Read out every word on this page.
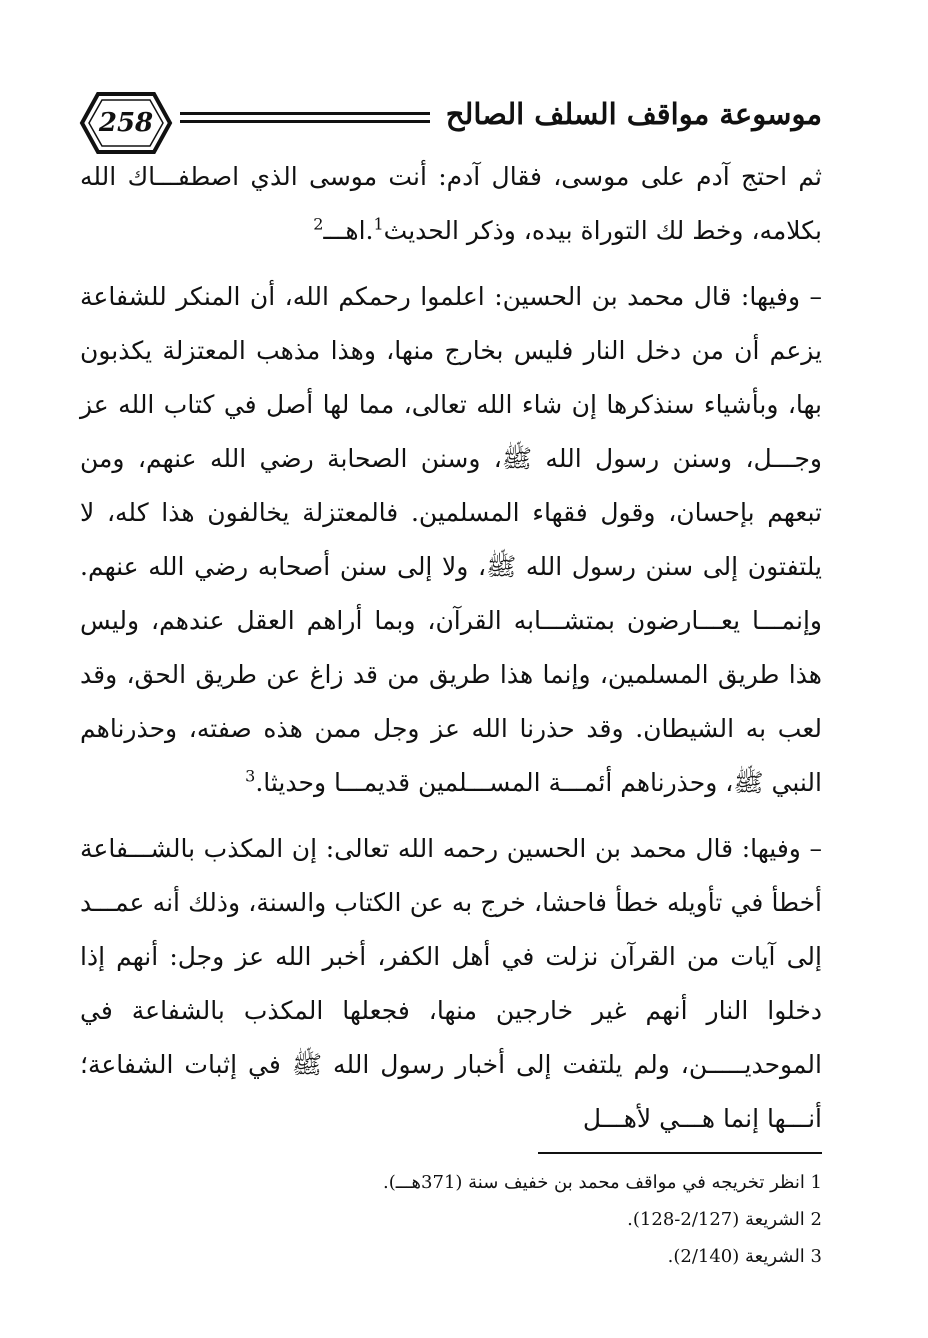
موسوعة مواقف السلف الصالح
258

ثم احتج آدم على موسى، فقال آدم: أنت موسى الذي اصطفـــاك الله بكلامه، وخط لك التوراة بيده، وذكر الحديث$^1$.اهـــ$^2$

– وفيها: قال محمد بن الحسين: اعلموا رحمكم الله، أن المنكر للشفاعة يزعم أن من دخل النار فليس بخارج منها، وهذا مذهب المعتزلة يكذبون بها، وبأشياء سنذكرها إن شاء الله تعالى، مما لها أصل في كتاب الله عز وجـــل، وسنن رسول الله ﷺ، وسنن الصحابة رضي الله عنهم، ومن تبعهم بإحسان، وقول فقهاء المسلمين. فالمعتزلة يخالفون هذا كله، لا يلتفتون إلى سنن رسول الله ﷺ، ولا إلى سنن أصحابه رضي الله عنهم. وإنمـــا يعـــارضون بمتشـــابه القرآن، وبما أراهم العقل عندهم، وليس هذا طريق المسلمين، وإنما هذا طريق من قد زاغ عن طريق الحق، وقد لعب به الشيطان. وقد حذرنا الله عز وجل ممن هذه صفته، وحذرناهم النبي ﷺ، وحذرناهم أئمـــة المســـلمين قديمـــا وحديثا.$^3$

– وفيها: قال محمد بن الحسين رحمه الله تعالى: إن المكذب بالشـــفاعة أخطأ في تأويله خطأ فاحشا، خرج به عن الكتاب والسنة، وذلك أنه عمـــد إلى آيات من القرآن نزلت في أهل الكفر، أخبر الله عز وجل: أنهم إذا دخلوا النار أنهم غير خارجين منها، فجعلها المكذب بالشفاعة في الموحديـــــن، ولم يلتفت إلى أخبار رسول الله ﷺ في إثبات الشفاعة؛ أنـــها إنما هـــي لأهـــل

1 انظر تخريجه في مواقف محمد بن خفيف سنة (371هـــ).
2 الشريعة (2/127-128).
3 الشريعة (2/140).
